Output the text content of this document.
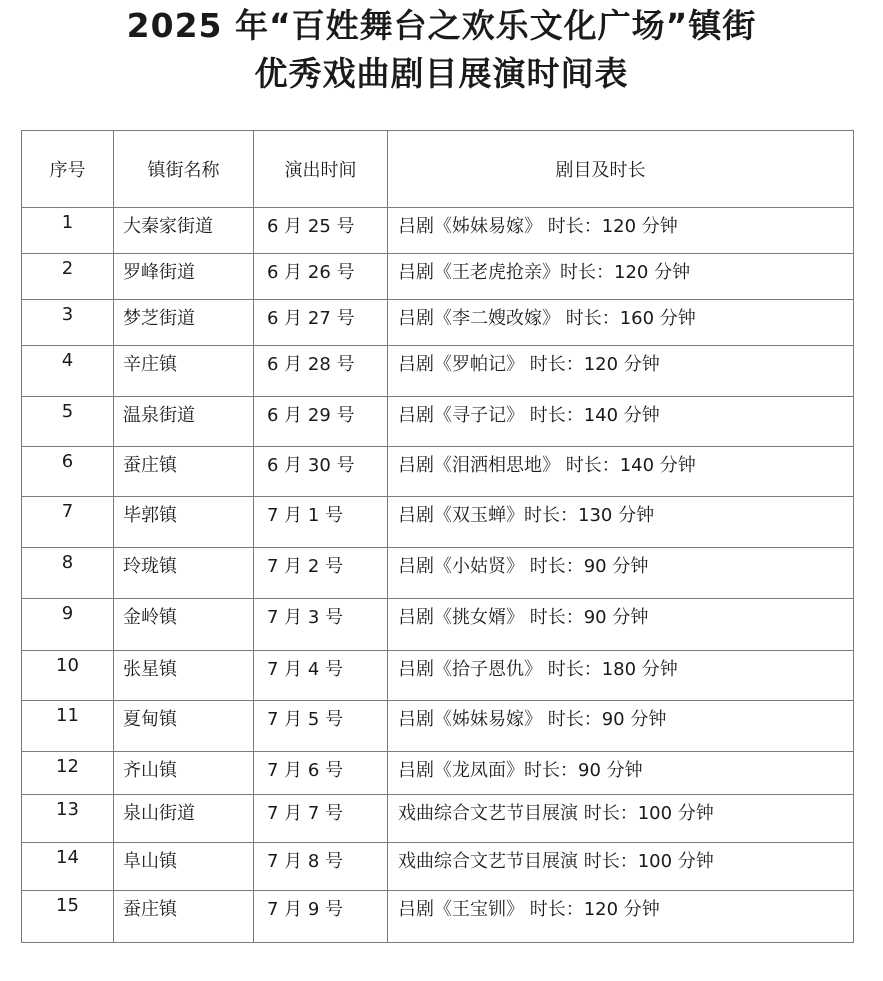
2025 年“百姓舞台之欢乐文化广场”镇街
优秀戏曲剧目展演时间表
序号	镇街名称	演出时间	剧目及时长
1	大秦家街道	6 月 25 号	吕剧《姊妹易嫁》 时长：120 分钟
2	罗峰街道	6 月 26 号	吕剧《王老虎抢亲》时长：120 分钟
3	梦芝街道	6 月 27 号	吕剧《李二嫂改嫁》 时长：160 分钟
4	辛庄镇	6 月 28 号	吕剧《罗帕记》 时长：120 分钟
5	温泉街道	6 月 29 号	吕剧《寻子记》 时长：140 分钟
6	蚕庄镇	6 月 30 号	吕剧《泪洒相思地》 时长：140 分钟
7	毕郭镇	7 月 1 号	吕剧《双玉蝉》时长：130 分钟
8	玲珑镇	7 月 2 号	吕剧《小姑贤》 时长：90 分钟
9	金岭镇	7 月 3 号	吕剧《挑女婿》 时长：90 分钟
10	张星镇	7 月 4 号	吕剧《拾子恩仇》 时长：180 分钟
11	夏甸镇	7 月 5 号	吕剧《姊妹易嫁》 时长：90 分钟
12	齐山镇	7 月 6 号	吕剧《龙凤面》时长：90 分钟
13	泉山街道	7 月 7 号	戏曲综合文艺节目展演 时长：100 分钟
14	阜山镇	7 月 8 号	戏曲综合文艺节目展演 时长：100 分钟
15	蚕庄镇	7 月 9 号	吕剧《王宝钏》 时长：120 分钟
